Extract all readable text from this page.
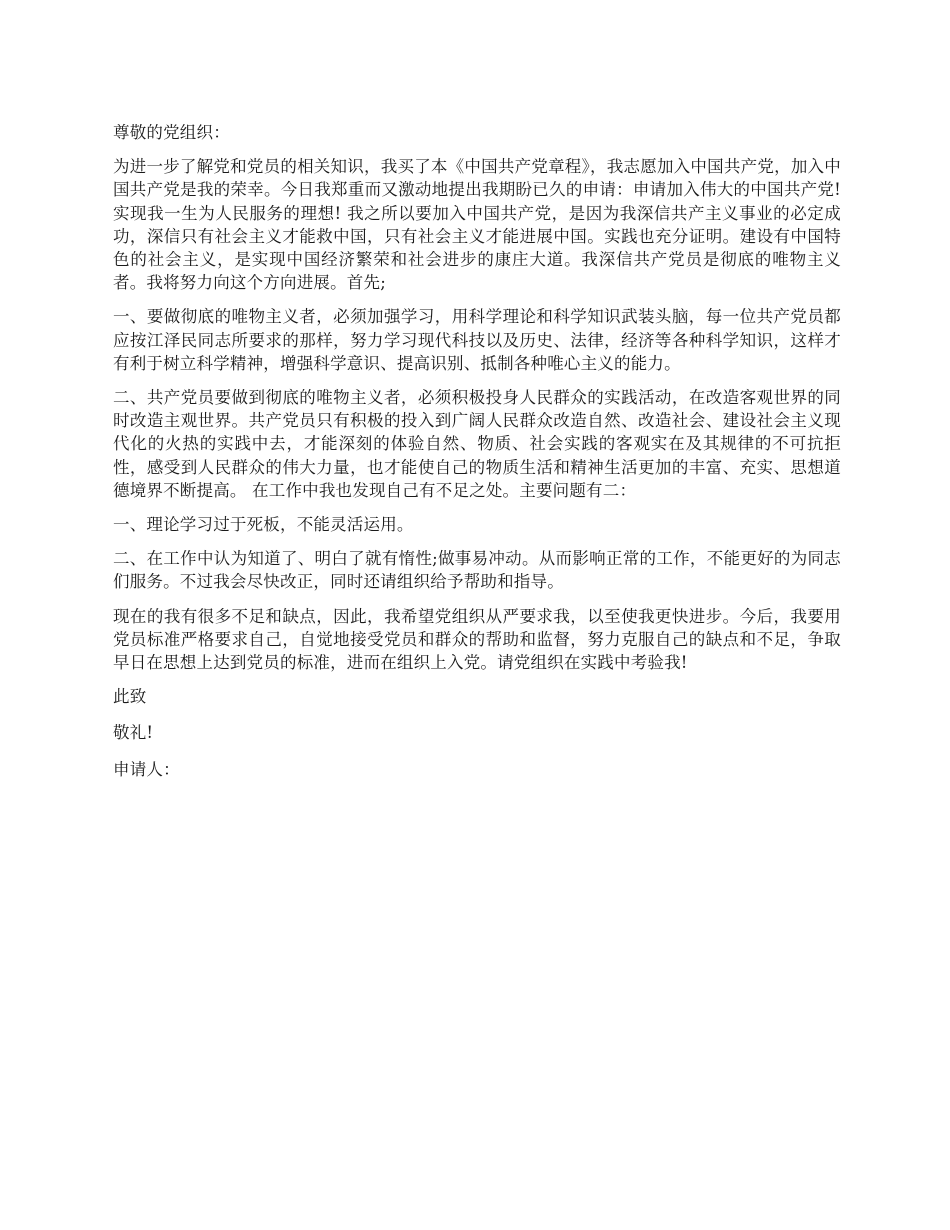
尊敬的党组织：

为进一步了解党和党员的相关知识，我买了本《中国共产党章程》，我志愿加入中国共产党，加入中国共产党是我的荣幸。今日我郑重而又激动地提出我期盼已久的申请：申请加入伟大的中国共产党!实现我一生为人民服务的理想! 我之所以要加入中国共产党，是因为我深信共产主义事业的必定成功，深信只有社会主义才能救中国，只有社会主义才能进展中国。实践也充分证明。建设有中国特色的社会主义，是实现中国经济繁荣和社会进步的康庄大道。我深信共产党员是彻底的唯物主义者。我将努力向这个方向进展。首先;

一、要做彻底的唯物主义者，必须加强学习，用科学理论和科学知识武装头脑，每一位共产党员都应按江泽民同志所要求的那样，努力学习现代科技以及历史、法律，经济等各种科学知识，这样才有利于树立科学精神，增强科学意识、提高识别、抵制各种唯心主义的能力。

二、共产党员要做到彻底的唯物主义者，必须积极投身人民群众的实践活动，在改造客观世界的同时改造主观世界。共产党员只有积极的投入到广阔人民群众改造自然、改造社会、建设社会主义现代化的火热的实践中去，才能深刻的体验自然、物质、社会实践的客观实在及其规律的不可抗拒性，感受到人民群众的伟大力量，也才能使自己的物质生活和精神生活更加的丰富、充实、思想道德境界不断提高。 在工作中我也发现自己有不足之处。主要问题有二：

一、理论学习过于死板，不能灵活运用。

二、在工作中认为知道了、明白了就有惰性;做事易冲动。从而影响正常的工作，不能更好的为同志们服务。不过我会尽快改正，同时还请组织给予帮助和指导。

现在的我有很多不足和缺点，因此，我希望党组织从严要求我，以至使我更快进步。今后，我要用党员标准严格要求自己，自觉地接受党员和群众的帮助和监督，努力克服自己的缺点和不足，争取早日在思想上达到党员的标准，进而在组织上入党。请党组织在实践中考验我!

此致

敬礼!

申请人：
